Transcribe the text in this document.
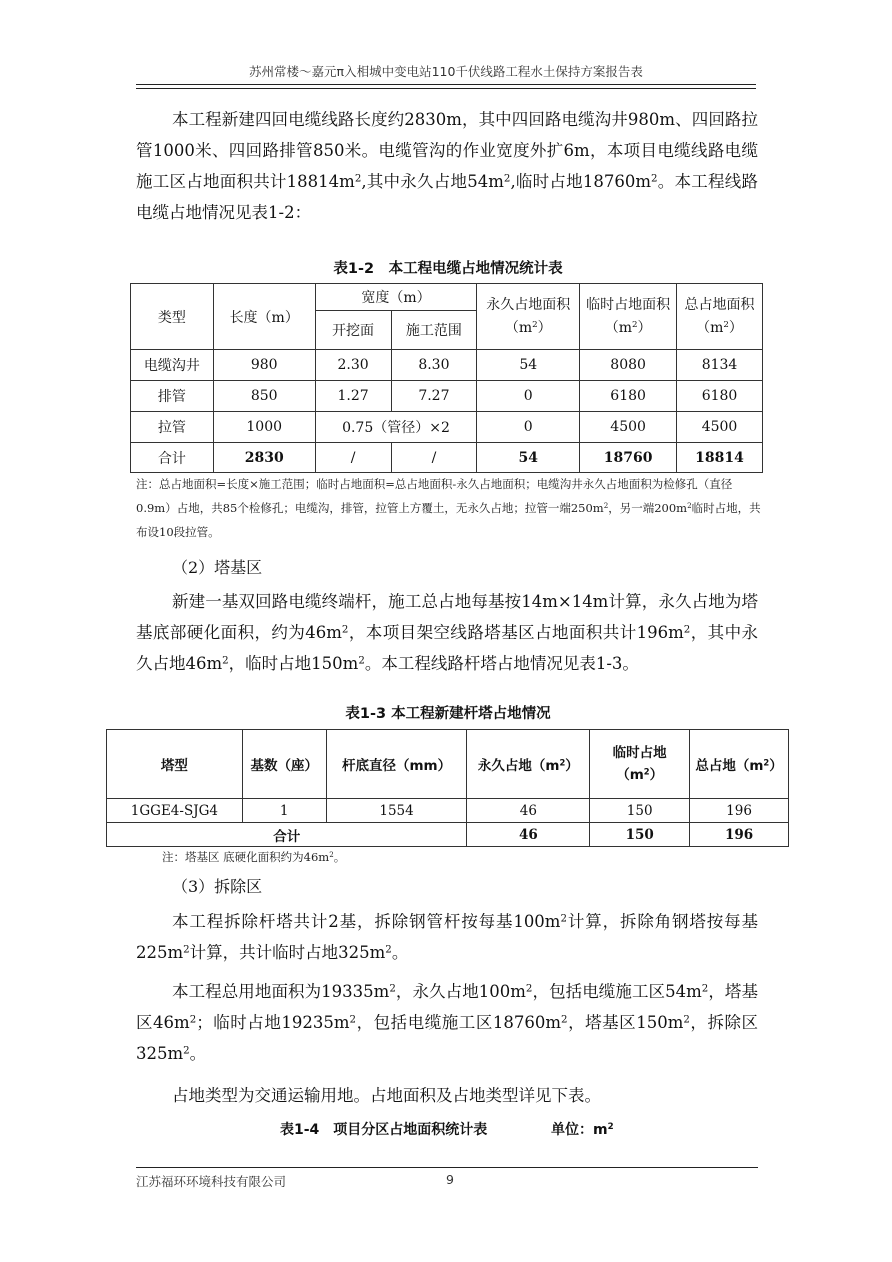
苏州常楼～嘉元π入相城中变电站110千伏线路工程水土保持方案报告表

本工程新建四回电缆线路长度约2830m，其中四回路电缆沟井980m、四回路拉管1000米、四回路排管850米。电缆管沟的作业宽度外扩6m，本项目电缆线路电缆施工区占地面积共计$18814m^2$,其中永久占地$54m^2$,临时占地$18760m^2$。本工程线路电缆占地情况见表1-2：

表1-2　本工程电缆占地情况统计表

类型	长度（m）	宽度（m）		永久占地面积$(m^2)$	临时占地面积$(m^2)$	总占地面积$(m^2)$
		开挖面	施工范围			
电缆沟井	980	2.30	8.30	54	8080	8134
排管	850	1.27	7.27	0	6180	6180
拉管	1000	0.75（管径）×2		0	4500	4500
合计	2830	/	/	54	18760	18814

注：总占地面积=长度×施工范围；临时占地面积=总占地面积-永久占地面积；电缆沟井永久占地面积为检修孔（直径0.9m）占地，共85个检修孔；电缆沟，排管，拉管上方覆土，无永久占地；拉管一端$250m^2$，另一端$200m^2$临时占地，共布设10段拉管。

（2）塔基区

新建一基双回路电缆终端杆，施工总占地每基按14m×14m计算，永久占地为塔基底部硬化面积，约为$46m^2$，本项目架空线路塔基区占地面积共计$196m^2$，其中永久占地$46m^2$，临时占地$150m^2$。本工程线路杆塔占地情况见表1-3。

表1-3 本工程新建杆塔占地情况

塔型	基数（座）	杆底直径（mm）	永久占地$(m^2)$	临时占地$(m^2)$	总占地$(m^2)$
1GGE4-SJG4	1	1554	46	150	196
合计			46	150	196

注：塔基区 底硬化面积约为$46m^2$。

（3）拆除区

本工程拆除杆塔共计2基，拆除钢管杆按每基$100m^2$计算，拆除角钢塔按每基$225m^2$计算，共计临时占地$325m^2$。

本工程总用地面积为$19335m^2$，永久占地$100m^2$，包括电缆施工区$54m^2$，塔基区$46m^2$；临时占地$19235m^2$，包括电缆施工区$18760m^2$，塔基区$150m^2$，拆除区$325m^2$。

占地类型为交通运输用地。占地面积及占地类型详见下表。

表1-4　项目分区占地面积统计表	单位：$m^2$
江苏福环环境科技有限公司	9
